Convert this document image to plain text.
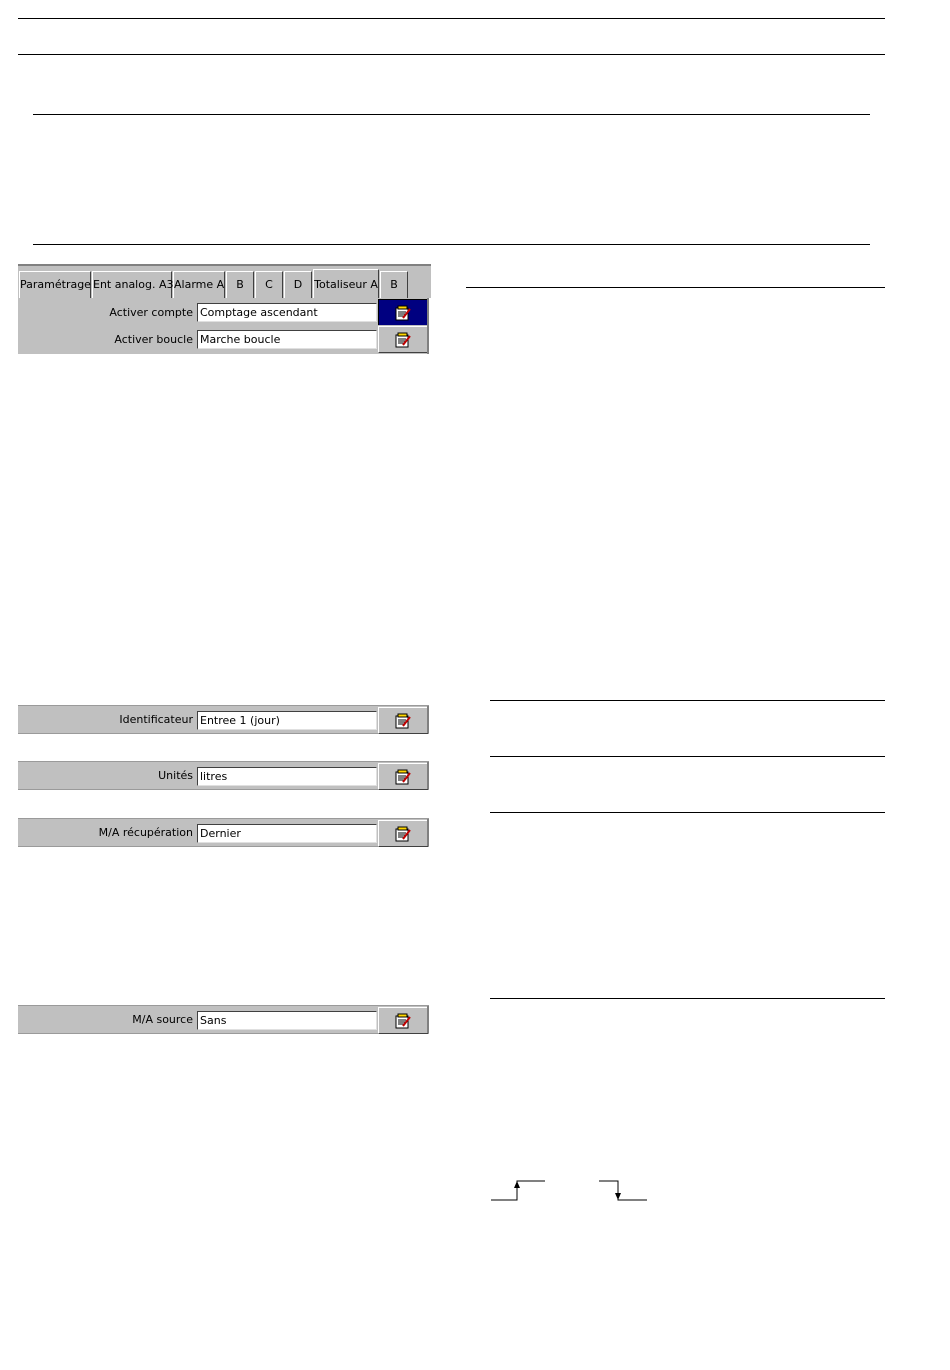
Paramétrage Ent analog. A3 Alarme A	B	C	D	Totaliseur A	B
Activer compte Comptage ascendant
Activer boucle Marche boucle
Identificateur Entree 1 (jour)
Unités litres
M/A récupération Dernier
M/A source Sans
